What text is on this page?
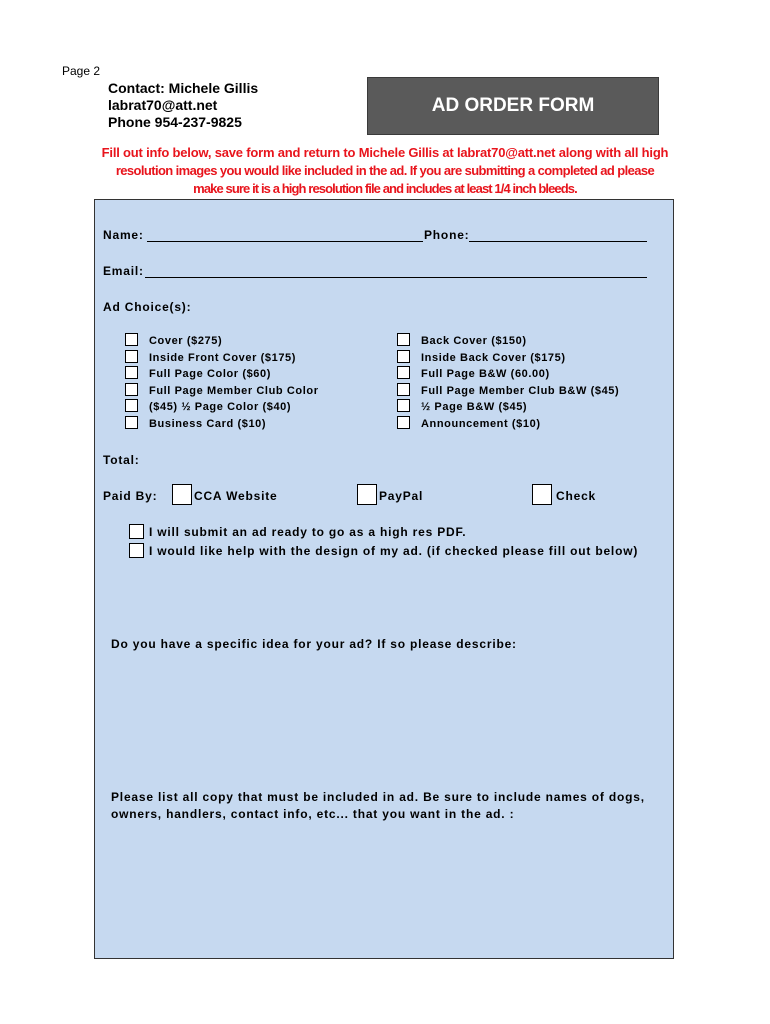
Page 2
Contact: Michele Gillis
labrat70@att.net
Phone 954-237-9825
AD ORDER FORM
Fill out info below, save form and return to Michele Gillis at labrat70@att.net along with all high
resolution images you would like included in the ad. If you are submitting a completed ad please
make sure it is a high resolution file and includes at least 1/4 inch bleeds.
Name:	Phone:
Email:
Ad Choice(s):
Cover ($275)
Inside Front Cover ($175)
Full Page Color ($60)
Full Page Member Club Color
($45) ½ Page Color ($40)
Business Card ($10)
Back Cover ($150)
Inside Back Cover ($175)
Full Page B&W (60.00)
Full Page Member Club B&W ($45)
½ Page B&W ($45)
Announcement ($10)
Total:
Paid By:	CCA Website	PayPal	Check
I will submit an ad ready to go as a high res PDF.
I would like help with the design of my ad. (if checked please fill out below)
Do you have a specific idea for your ad? If so please describe:
Please list all copy that must be included in ad. Be sure to include names of dogs,
owners, handlers, contact info, etc... that you want in the ad. :
